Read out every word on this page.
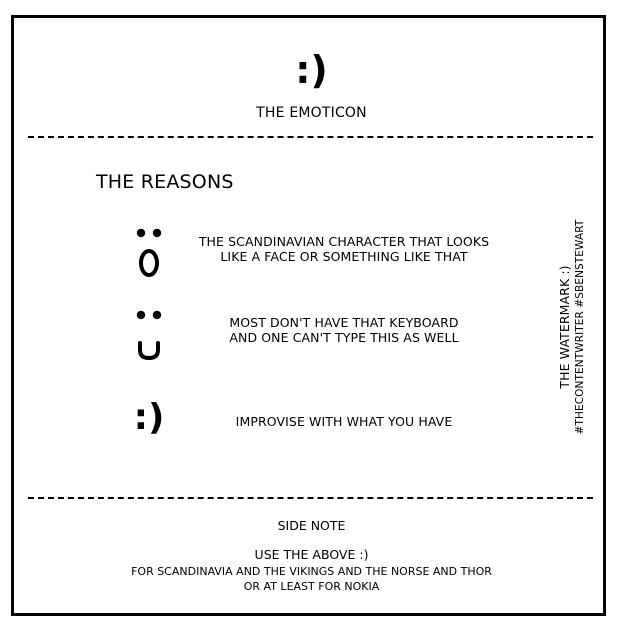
:)
THE EMOTICON
THE REASONS
THE SCANDINAVIAN CHARACTER THAT LOOKS
LIKE A FACE OR SOMETHING LIKE THAT
MOST DON'T HAVE THAT KEYBOARD
AND ONE CAN'T TYPE THIS AS WELL
:)	IMPROVISE WITH WHAT YOU HAVE
THE WATERMARK :) #THECONTENTWRITER #SBENSTEWART
SIDE NOTE
USE THE ABOVE :)
FOR SCANDINAVIA AND THE VIKINGS AND THE NORSE AND THOR
OR AT LEAST FOR NOKIA
